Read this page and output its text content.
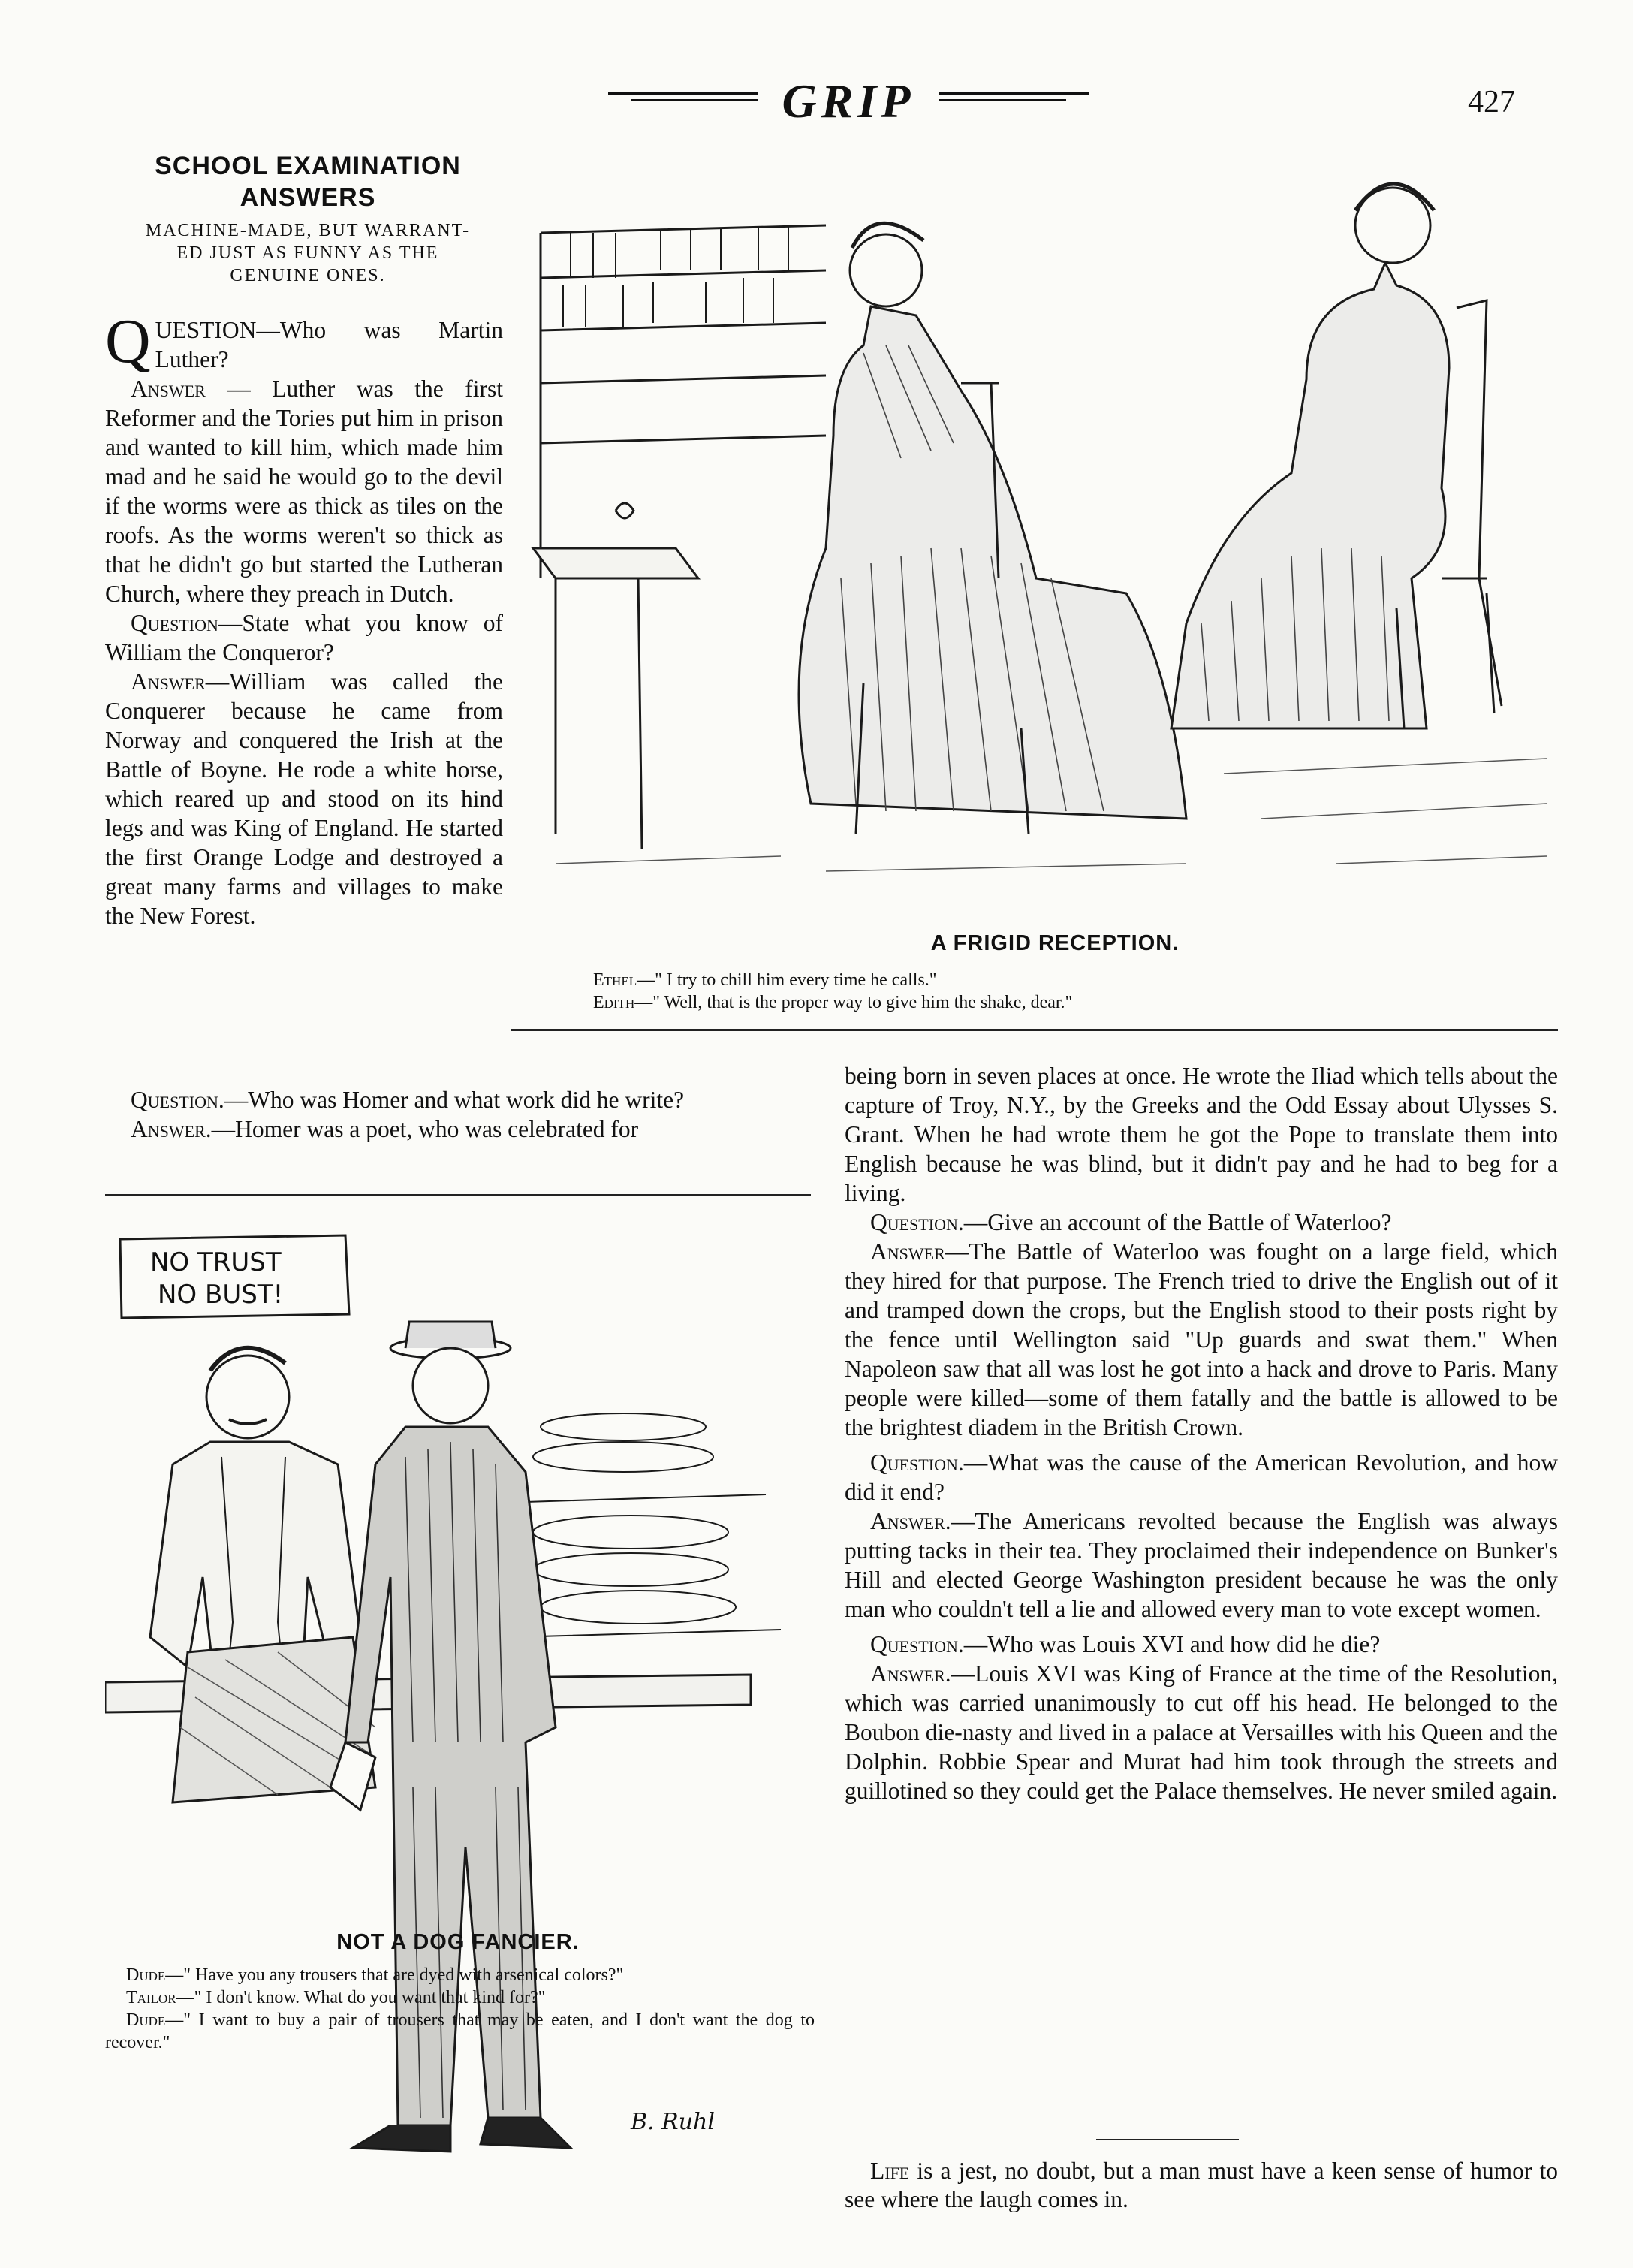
GRIP	427
SCHOOL EXAMINATION
ANSWERS
MACHINE-MADE, BUT WARRANT-
ED JUST AS FUNNY AS THE
GENUINE ONES.

QUESTION—Who was Martin Luther?

Answer — Luther was the first Reformer and the Tories put him in prison and wanted to kill him, which made him mad and he said he would go to the devil if the worms were as thick as tiles on the roofs. As the worms weren't so thick as that he didn't go but started the Lutheran Church, where they preach in Dutch.

Question—State what you know of William the Conqueror?

Answer—William was called the Conquerer because he came from Norway and conquered the Irish at the Battle of Boyne. He rode a white horse, which reared up and stood on its hind legs and was King of England. He started the first Orange Lodge and destroyed a great many farms and villages to make the New Forest.

Question.—Who was Homer and what work did he write?

Answer.—Homer was a poet, who was celebrated for

being born in seven places at once. He wrote the Iliad which tells about the capture of Troy, N.Y., by the Greeks and the Odd Essay about Ulysses S. Grant. When he had wrote them he got the Pope to translate them into English because he was blind, but it didn't pay and he had to beg for a living.

Question.—Give an account of the Battle of Waterloo?

Answer—The Battle of Waterloo was fought on a large field, which they hired for that purpose. The French tried to drive the English out of it and tramped down the crops, but the English stood to their posts right by the fence until Wellington said "Up guards and swat them." When Napoleon saw that all was lost he got into a hack and drove to Paris. Many people were killed—some of them fatally and the battle is allowed to be the brightest diadem in the British Crown.

Question.—What was the cause of the American Revolution, and how did it end?

Answer.—The Americans revolted because the English was always putting tacks in their tea. They proclaimed their independence on Bunker's Hill and elected George Washington president because he was the only man who couldn't tell a lie and allowed every man to vote except women.

Question.—Who was Louis XVI and how did he die?

Answer.—Louis XVI was King of France at the time of the Resolution, which was carried unanimously to cut off his head. He belonged to the Boubon die-nasty and lived in a palace at Versailles with his Queen and the Dolphin. Robbie Spear and Murat had him took through the streets and guillotined so they could get the Palace themselves. He never smiled again.

A FRIGID RECEPTION.
Ethel—" I try to chill him every time he calls."
Edith—" Well, that is the proper way to give him the shake, dear."
NO TRUST
NO BUST!
B. Ruhl
NOT A DOG FANCIER.

Dude—" Have you any trousers that are dyed with arsenical colors?"

Tailor—" I don't know. What do you want that kind for?"

Dude—" I want to buy a pair of trousers that may be eaten, and I don't want the dog to recover."

Life is a jest, no doubt, but a man must have a keen sense of humor to see where the laugh comes in.
